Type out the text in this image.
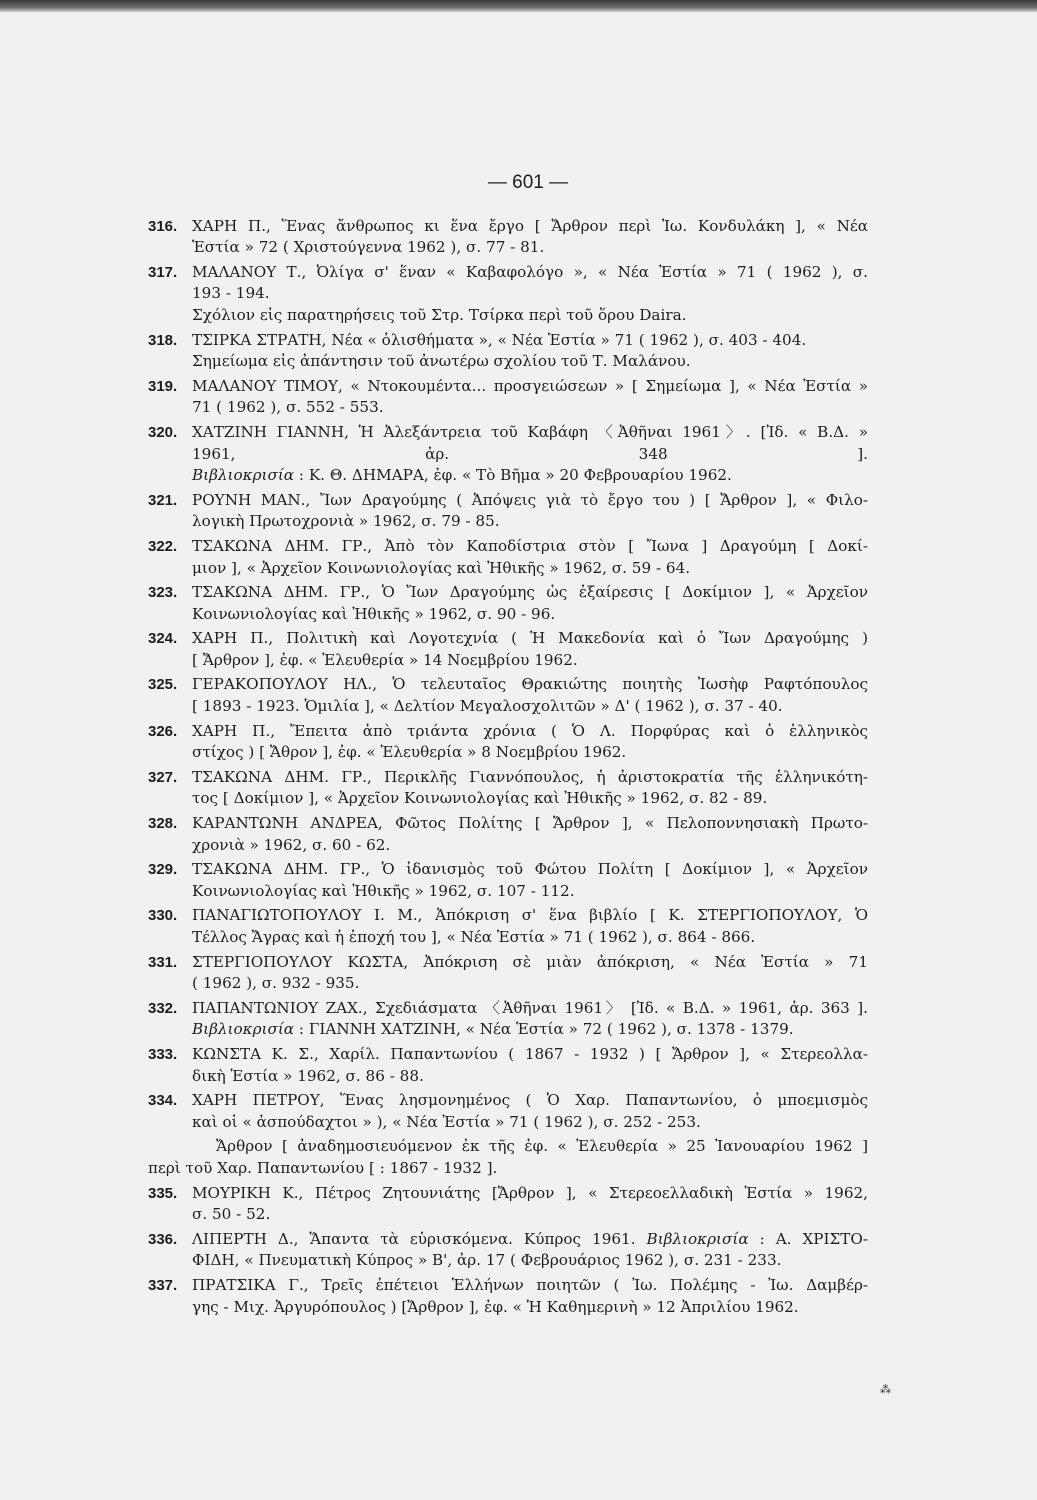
— 601 —
316. ΧΑΡΗ Π., Ἕνας ἄνθρωπος κι ἕνα ἔργο [ Ἄρθρον περὶ Ἰω. Κονδυλάκη ], « Νέα
Ἑστία » 72 ( Χριστούγεννα 1962 ), σ. 77 - 81.
317. ΜΑΛΑΝΟΥ Τ., Ὀλίγα σ' ἕναν « Καβαφολόγο », « Νέα Ἑστία » 71 ( 1962 ), σ.
193 - 194.
Σχόλιον εἰς παρατηρήσεις τοῦ Στρ. Τσίρκα περὶ τοῦ ὅρου Daira.
318. ΤΣΙΡΚΑ ΣΤΡΑΤΗ, Νέα « ὀλισθήματα », « Νέα Ἑστία » 71 ( 1962 ), σ. 403 - 404.
Σημείωμα εἰς ἀπάντησιν τοῦ ἀνωτέρω σχολίου τοῦ Τ. Μαλάνου.
319. ΜΑΛΑΝΟΥ ΤΙΜΟΥ, « Ντοκουμέντα... προσγειώσεων » [ Σημείωμα ], « Νέα Ἑστία »
71 ( 1962 ), σ. 552 - 553.
320. ΧΑΤΖΙΝΗ ΓΙΑΝΝΗ, Ἡ Ἀλεξάντρεια τοῦ Καβάφη 〈Ἀθῆναι 1961〉. [Ἰδ. « Β.Δ. »
1961, ἀρ. 348 ].
Βιβλιοκρισία : Κ. Θ. ΔΗΜΑΡΑ, ἐφ. « Τὸ Βῆμα » 20 Φεβρουαρίου 1962.
321. ΡΟΥΝΗ ΜΑΝ., Ἴων Δραγούμης ( Ἀπόψεις γιὰ τὸ ἔργο του ) [ Ἄρθρον ], « Φιλο-
λογικὴ Πρωτοχρονιὰ » 1962, σ. 79 - 85.
322. ΤΣΑΚΩΝΑ ΔΗΜ. ΓΡ., Ἀπὸ τὸν Καποδίστρια στὸν [ Ἴωνα ] Δραγούμη [ Δοκί-
μιον ], « Ἀρχεῖον Κοινωνιολογίας καὶ Ἠθικῆς » 1962, σ. 59 - 64.
323. ΤΣΑΚΩΝΑ ΔΗΜ. ΓΡ., Ὁ Ἴων Δραγούμης ὡς ἐξαίρεσις [ Δοκίμιον ], « Ἀρχεῖον
Κοινωνιολογίας καὶ Ἠθικῆς » 1962, σ. 90 - 96.
324. ΧΑΡΗ Π., Πολιτικὴ καὶ Λογοτεχνία ( Ἡ Μακεδονία καὶ ὁ Ἴων Δραγούμης )
[ Ἄρθρον ], ἐφ. « Ἐλευθερία » 14 Νοεμβρίου 1962.
325. ΓΕΡΑΚΟΠΟΥΛΟΥ ΗΛ., Ὁ τελευταῖος Θρακιώτης ποιητὴς Ἰωσὴφ Ραφτόπουλος
[ 1893 - 1923. Ὁμιλία ], « Δελτίον Μεγαλοσχολιτῶν » Δ' ( 1962 ), σ. 37 - 40.
326. ΧΑΡΗ Π., Ἔπειτα ἀπὸ τριάντα χρόνια ( Ὁ Λ. Πορφύρας καὶ ὁ ἑλληνικὸς
στίχος ) [ Ἄθρον ], ἐφ. « Ἐλευθερία » 8 Νοεμβρίου 1962.
327. ΤΣΑΚΩΝΑ ΔΗΜ. ΓΡ., Περικλῆς Γιαννόπουλος, ἡ ἀριστοκρατία τῆς ἑλληνικότη-
τος [ Δοκίμιον ], « Ἀρχεῖον Κοινωνιολογίας καὶ Ἠθικῆς » 1962, σ. 82 - 89.
328. ΚΑΡΑΝΤΩΝΗ ΑΝΔΡΕΑ, Φῶτος Πολίτης [ Ἄρθρον ], « Πελοποννησιακὴ Πρωτο-
χρονιὰ » 1962, σ. 60 - 62.
329. ΤΣΑΚΩΝΑ ΔΗΜ. ΓΡ., Ὁ ἰδανισμὸς τοῦ Φώτου Πολίτη [ Δοκίμιον ], « Ἀρχεῖον
Κοινωνιολογίας καὶ Ἠθικῆς » 1962, σ. 107 - 112.
330. ΠΑΝΑΓΙΩΤΟΠΟΥΛΟΥ Ι. Μ., Ἀπόκριση σ' ἕνα βιβλίο [ Κ. ΣΤΕΡΓΙΟΠΟΥΛΟΥ, Ὁ
Τέλλος Ἄγρας καὶ ἡ ἐποχή του ], « Νέα Ἑστία » 71 ( 1962 ), σ. 864 - 866.
331. ΣΤΕΡΓΙΟΠΟΥΛΟΥ ΚΩΣΤΑ, Ἀπόκριση σὲ μιὰν ἀπόκριση, « Νέα Ἑστία » 71
( 1962 ), σ. 932 - 935.
332. ΠΑΠΑΝΤΩΝΙΟΥ ΖΑΧ., Σχεδιάσματα 〈Ἀθῆναι 1961〉 [Ἰδ. « Β.Δ. » 1961, ἀρ. 363 ].
Βιβλιοκρισία : ΓΙΑΝΝΗ ΧΑΤΖΙΝΗ, « Νέα Ἑστία » 72 ( 1962 ), σ. 1378 - 1379.
333. ΚΩΝΣΤΑ Κ. Σ., Χαρίλ. Παπαντωνίου ( 1867 - 1932 ) [ Ἄρθρον ], « Στερεολλα-
δικὴ Ἑστία » 1962, σ. 86 - 88.
334. ΧΑΡΗ ΠΕΤΡΟΥ, Ἕνας λησμονημένος ( Ὁ Χαρ. Παπαντωνίου, ὁ μποεμισμὸς
καὶ οἱ « ἀσπούδαχτοι » ), « Νέα Ἑστία » 71 ( 1962 ), σ. 252 - 253.
Ἄρθρον [ ἀναδημοσιευόμενον ἐκ τῆς ἐφ. « Ἐλευθερία » 25 Ἰανουαρίου 1962 ]
περὶ τοῦ Χαρ. Παπαντωνίου [ : 1867 - 1932 ].
335. ΜΟΥΡΙΚΗ Κ., Πέτρος Ζητουνιάτης [Ἄρθρον ], « Στερεοελλαδικὴ Ἑστία » 1962,
σ. 50 - 52.
336. ΛΙΠΕΡΤΗ Δ., Ἅπαντα τὰ εὑρισκόμενα. Κύπρος 1961. Βιβλιοκρισία : Α. ΧΡΙΣΤΟ-
ΦΙΔΗ, « Πνευματικὴ Κύπρος » Β', ἀρ. 17 ( Φεβρουάριος 1962 ), σ. 231 - 233.
337. ΠΡΑΤΣΙΚΑ Γ., Τρεῖς ἐπέτειοι Ἑλλήνων ποιητῶν ( Ἰω. Πολέμης - Ἰω. Δαμβέρ-
γης - Μιχ. Ἀργυρόπουλος ) [Ἄρθρον ], ἐφ. « Ἡ Καθημερινὴ » 12 Ἀπριλίου 1962.
⁂
